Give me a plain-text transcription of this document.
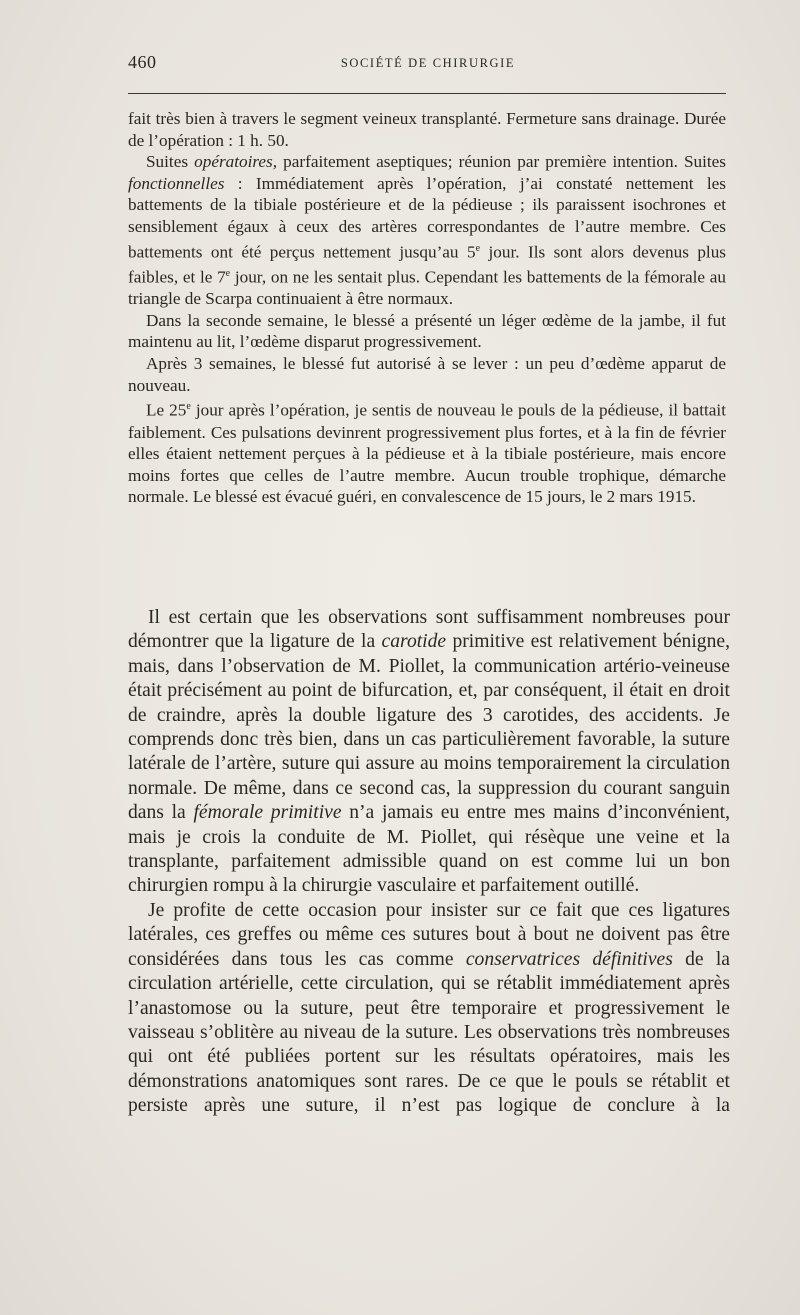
460	SOCIÉTÉ DE CHIRURGIE

fait très bien à travers le segment veineux transplanté. Fermeture sans drainage. Durée de l’opération : 1 h. 50.

Suites opératoires, parfaitement aseptiques; réunion par première intention. Suites fonctionnelles : Immédiatement après l’opération, j’ai constaté nettement les battements de la tibiale postérieure et de la pédieuse ; ils paraissent isochrones et sensiblement égaux à ceux des artères correspondantes de l’autre membre. Ces battements ont été perçus nettement jusqu’au 5e jour. Ils sont alors devenus plus faibles, et le 7e jour, on ne les sentait plus. Cependant les battements de la fémorale au triangle de Scarpa continuaient à être normaux.

Dans la seconde semaine, le blessé a présenté un léger œdème de la jambe, il fut maintenu au lit, l’œdème disparut progressivement.

Après 3 semaines, le blessé fut autorisé à se lever : un peu d’œdème apparut de nouveau.

Le 25e jour après l’opération, je sentis de nouveau le pouls de la pédieuse, il battait faiblement. Ces pulsations devinrent progressivement plus fortes, et à la fin de février elles étaient nettement perçues à la pédieuse et à la tibiale postérieure, mais encore moins fortes que celles de l’autre membre. Aucun trouble trophique, démarche normale. Le blessé est évacué guéri, en convalescence de 15 jours, le 2 mars 1915.

Il est certain que les observations sont suffisamment nombreuses pour démontrer que la ligature de la carotide primitive est relativement bénigne, mais, dans l’observation de M. Piollet, la communication artério-veineuse était précisément au point de bifurcation, et, par conséquent, il était en droit de craindre, après la double ligature des 3 carotides, des accidents. Je comprends donc très bien, dans un cas particulièrement favorable, la suture latérale de l’artère, suture qui assure au moins temporairement la circulation normale. De même, dans ce second cas, la suppression du courant sanguin dans la fémorale primitive n’a jamais eu entre mes mains d’inconvénient, mais je crois la conduite de M. Piollet, qui résèque une veine et la transplante, parfaitement admissible quand on est comme lui un bon chirurgien rompu à la chirurgie vasculaire et parfaitement outillé.

Je profite de cette occasion pour insister sur ce fait que ces ligatures latérales, ces greffes ou même ces sutures bout à bout ne doivent pas être considérées dans tous les cas comme conservatrices définitives de la circulation artérielle, cette circulation, qui se rétablit immédiatement après l’anastomose ou la suture, peut être temporaire et progressivement le vaisseau s’oblitère au niveau de la suture. Les observations très nombreuses qui ont été publiées portent sur les résultats opératoires, mais les démonstrations anatomiques sont rares. De ce que le pouls se rétablit et persiste après une suture, il n’est pas logique de conclure à la
